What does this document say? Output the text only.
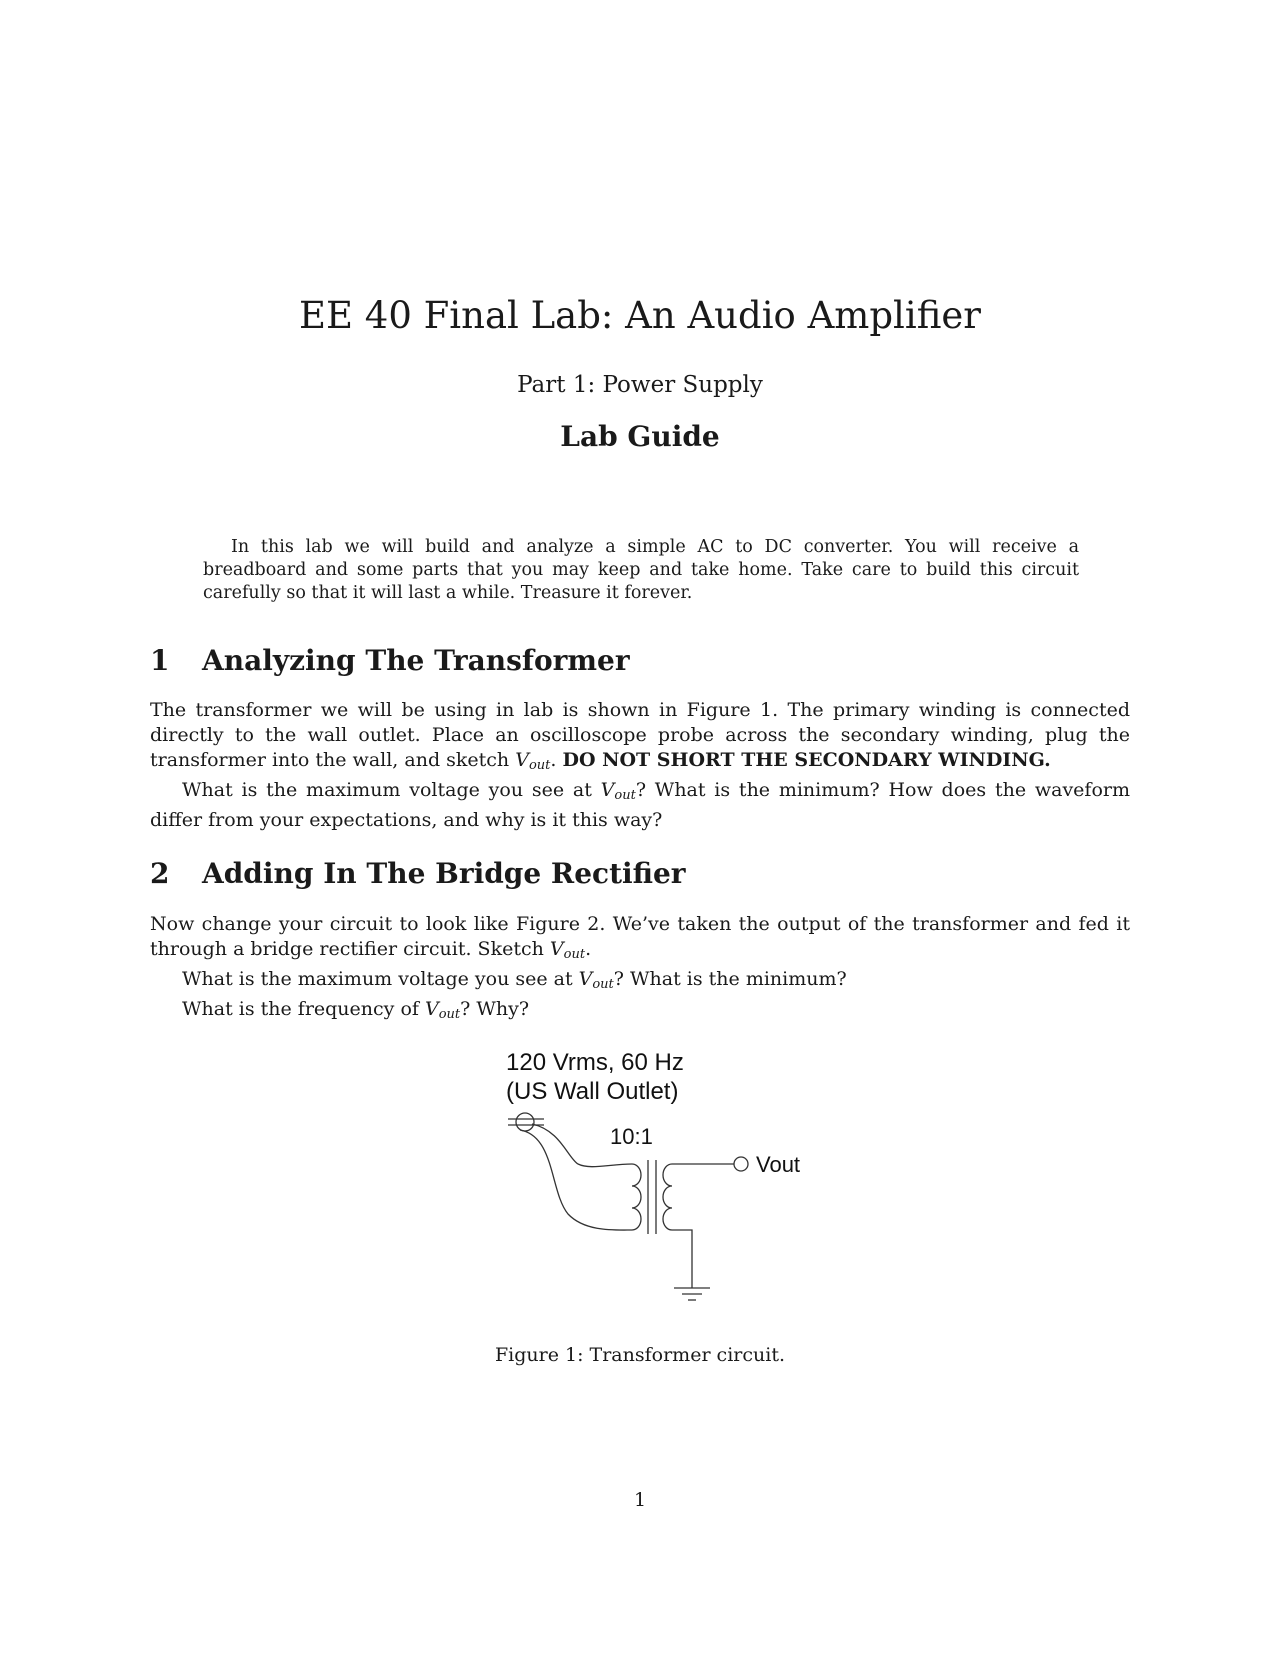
EE 40 Final Lab: An Audio Amplifier
Part 1: Power Supply
Lab Guide

In this lab we will build and analyze a simple AC to DC converter. You will receive a breadboard and some parts that you may keep and take home. Take care to build this circuit carefully so that it will last a while. Treasure it forever.

1 Analyzing The Transformer

The transformer we will be using in lab is shown in Figure 1. The primary winding is connected directly to the wall outlet. Place an oscilloscope probe across the secondary winding, plug the transformer into the wall, and sketch $V_{out}$. DO NOT SHORT THE SECONDARY WINDING.

What is the maximum voltage you see at $V_{out}$? What is the minimum? How does the waveform differ from your expectations, and why is it this way?

2 Adding In The Bridge Rectifier

Now change your circuit to look like Figure 2. We’ve taken the output of the transformer and fed it through a bridge rectifier circuit. Sketch $V_{out}$.

What is the maximum voltage you see at $V_{out}$? What is the minimum?

What is the frequency of $V_{out}$? Why?

120 Vrms, 60 Hz
(US Wall Outlet)
10:1
Vout
Figure 1: Transformer circuit.
1
